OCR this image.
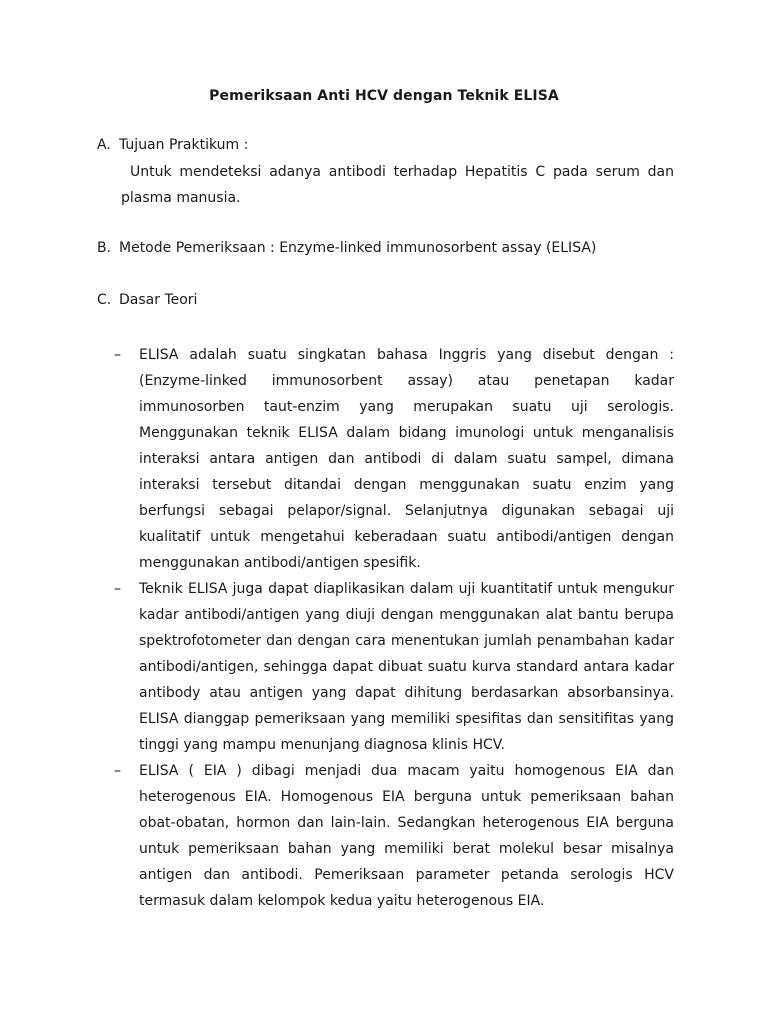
Pemeriksaan Anti HCV dengan Teknik ELISA
A. Tujuan Praktikum :
Untuk mendeteksi adanya antibodi terhadap Hepatitis C pada serum dan plasma manusia.
B. Metode Pemeriksaan : Enzyme-linked immunosorbent assay (ELISA)
C. Dasar Teori
– ELISA adalah suatu singkatan bahasa Inggris yang disebut dengan : (Enzyme-linked immunosorbent assay) atau penetapan kadar immunosorben taut-enzim yang merupakan suatu uji serologis. Menggunakan teknik ELISA dalam bidang imunologi untuk menganalisis interaksi antara antigen dan antibodi di dalam suatu sampel, dimana interaksi tersebut ditandai dengan menggunakan suatu enzim yang berfungsi sebagai pelapor/signal. Selanjutnya digunakan sebagai uji kualitatif untuk mengetahui keberadaan suatu antibodi/antigen dengan menggunakan antibodi/antigen spesifik.
– Teknik ELISA juga dapat diaplikasikan dalam uji kuantitatif untuk mengukur kadar antibodi/antigen yang diuji dengan menggunakan alat bantu berupa spektrofotometer dan dengan cara menentukan jumlah penambahan kadar antibodi/antigen, sehingga dapat dibuat suatu kurva standard antara kadar antibody atau antigen yang dapat dihitung berdasarkan absorbansinya. ELISA dianggap pemeriksaan yang memiliki spesifitas dan sensitifitas yang tinggi yang mampu menunjang diagnosa klinis HCV.
– ELISA ( EIA ) dibagi menjadi dua macam yaitu homogenous EIA dan heterogenous EIA. Homogenous EIA berguna untuk pemeriksaan bahan obat-obatan, hormon dan lain-lain. Sedangkan heterogenous EIA berguna untuk pemeriksaan bahan yang memiliki berat molekul besar misalnya antigen dan antibodi. Pemeriksaan parameter petanda serologis HCV termasuk dalam kelompok kedua yaitu heterogenous EIA.
